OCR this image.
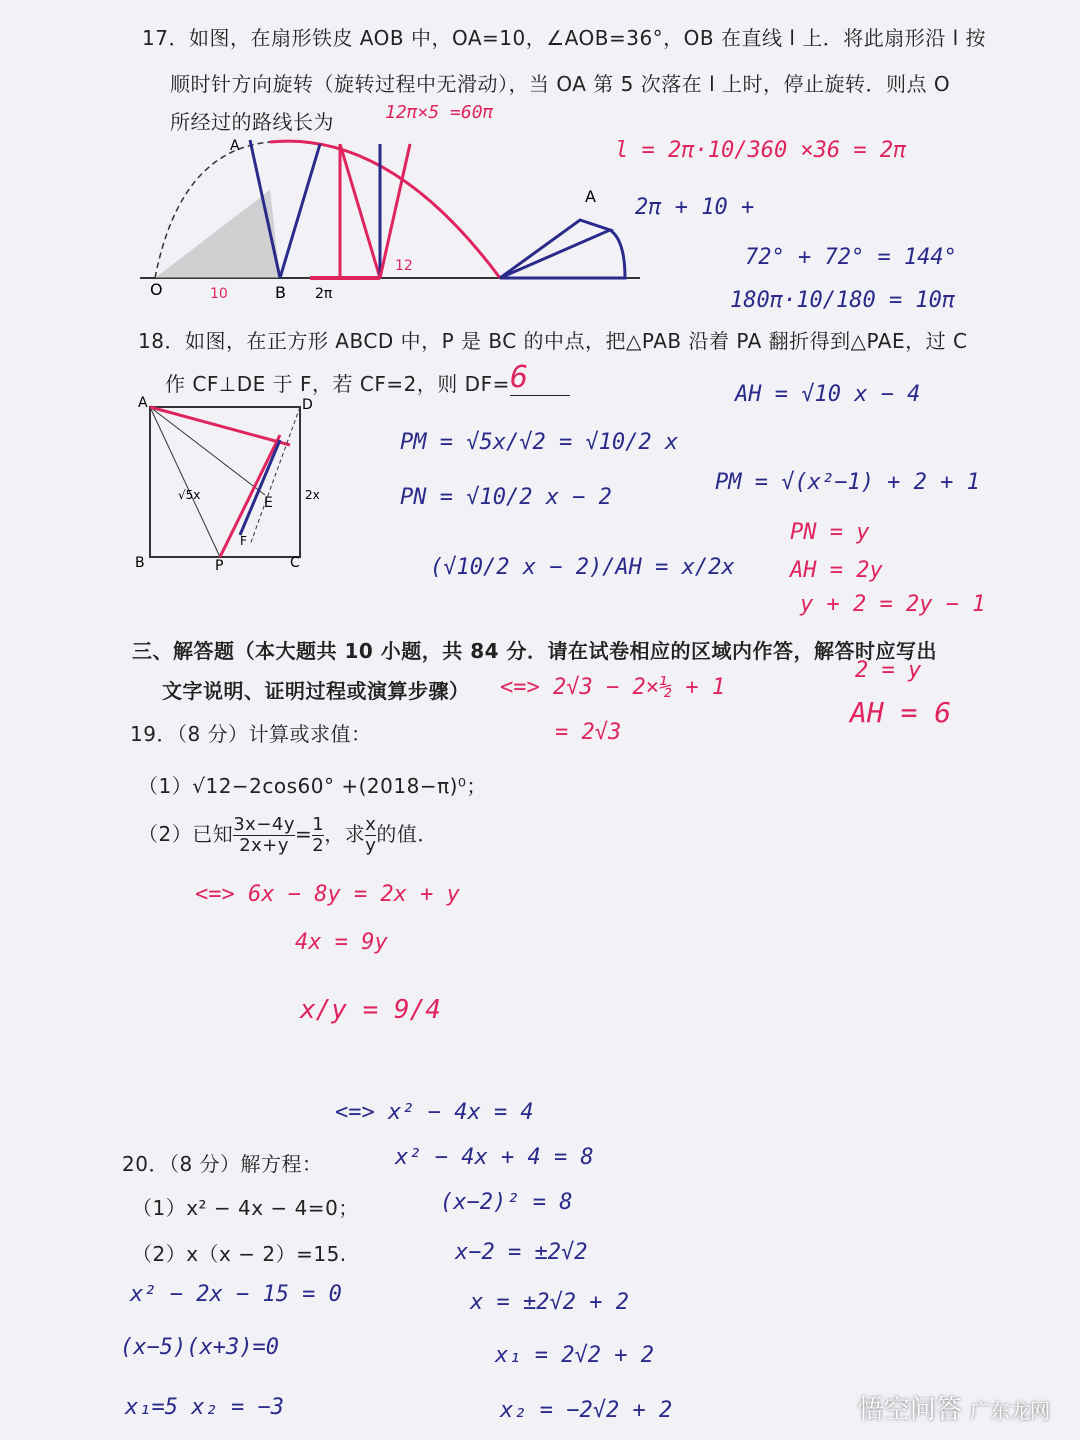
17．如图，在扇形铁皮 AOB 中，OA=10，∠AOB=36°，OB 在直线 l 上．将此扇形沿 l 按
顺时针方向旋转（旋转过程中无滑动），当 OA 第 5 次落在 l 上时，停止旋转．则点 O
所经过的路线长为	12π×5 =60π
O	B
A
A
10	2π
12
l = 2π·10/360 ×36 = 2π
2π + 10 +
72° + 72° = 144°
180π·10/180 = 10π
18．如图，在正方形 ABCD 中，P 是 BC 的中点，把△PAB 沿着 PA 翻折得到△PAE，过 C
作 CF⊥DE 于 F，若 CF=2，则 DF= 6
A	D
B	P	C
E
F
√5x	2x
PM = √5x/√2 = √10/2 x
PN = √10/2 x − 2
(√10/2 x − 2)/AH = x/2x
AH = √10 x − 4
PM = √(x²−1) + 2 + 1
PN = y
AH = 2y
y + 2 = 2y − 1
2 = y
AH = 6
三、解答题（本大题共 10 小题，共 84 分．请在试卷相应的区域内作答，解答时应写出
文字说明、证明过程或演算步骤）
19．（8 分）计算或求值：
（1）√12−2cos60° +(2018−π)⁰；
（2）已知 $\frac{3x-4y}{2x+y} = \frac{1}{2}$ ，求 $\frac{x}{y}$ 的值．
<=> 2√3 − 2×½ + 1
= 2√3
<=> 6x − 8y = 2x + y
4x = 9y
x/y = 9/4
20．（8 分）解方程：
（1）x² − 4x − 4=0；
（2）x（x − 2）=15.
<=> x² − 4x = 4
x² − 4x + 4 = 8
(x−2)² = 8
x−2 = ±2√2
x = ±2√2 + 2
x₁ = 2√2 + 2
x₂ = −2√2 + 2
x² − 2x − 15 = 0
(x−5)(x+3)=0
x₁=5 x₂ = −3	悟空问答 广东龙网
